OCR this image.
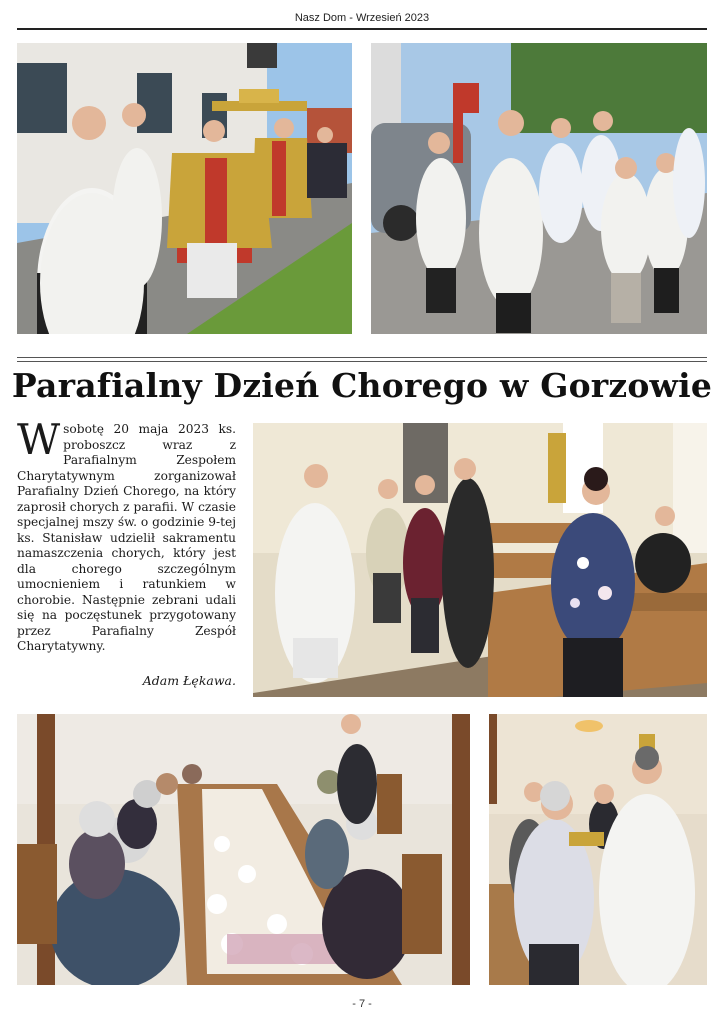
Nasz Dom - Wrzesień 2023
Parafialny Dzień Chorego w Gorzowie
Wsobotę 20 maja 2023 ks. proboszcz wraz z Parafialnym Zespołem Charytatywnym zorganizował Parafialny Dzień Chorego, na który zaprosił chorych z parafii. W czasie specjalnej mszy św. o godzinie 9-tej ks. Stanisław udzielił sakramentu namaszczenia chorych, który jest dla chorego szczególnym umocnieniem i ratunkiem w chorobie. Następnie zebrani udali się na poczęstunek przygotowany przez Parafialny Zespół Charytatywny.
Adam Łękawa.
- 7 -
